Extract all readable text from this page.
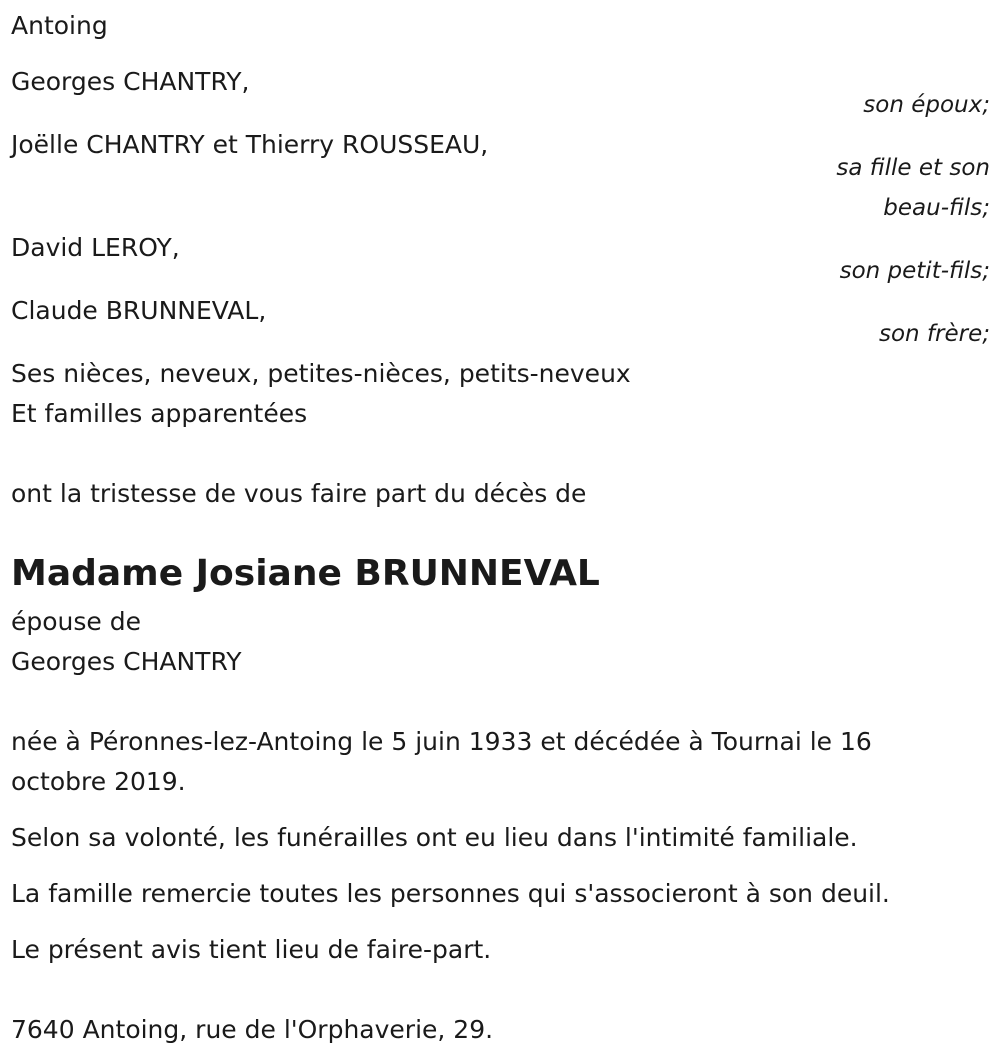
Antoing
Georges CHANTRY,
son époux;
Joëlle CHANTRY et Thierry ROUSSEAU,
sa fille et son
beau-fils;
David LEROY,
son petit-fils;
Claude BRUNNEVAL,
son frère;
Ses nièces, neveux, petites-nièces, petits-neveux
Et familles apparentées
ont la tristesse de vous faire part du décès de
Madame Josiane BRUNNEVAL
épouse de
Georges CHANTRY
née à Péronnes-lez-Antoing le 5 juin 1933 et décédée à Tournai le 16 octobre 2019.
Selon sa volonté, les funérailles ont eu lieu dans l'intimité familiale.
La famille remercie toutes les personnes qui s'associeront à son deuil.
Le présent avis tient lieu de faire-part.
7640 Antoing, rue de l'Orphaverie, 29.
